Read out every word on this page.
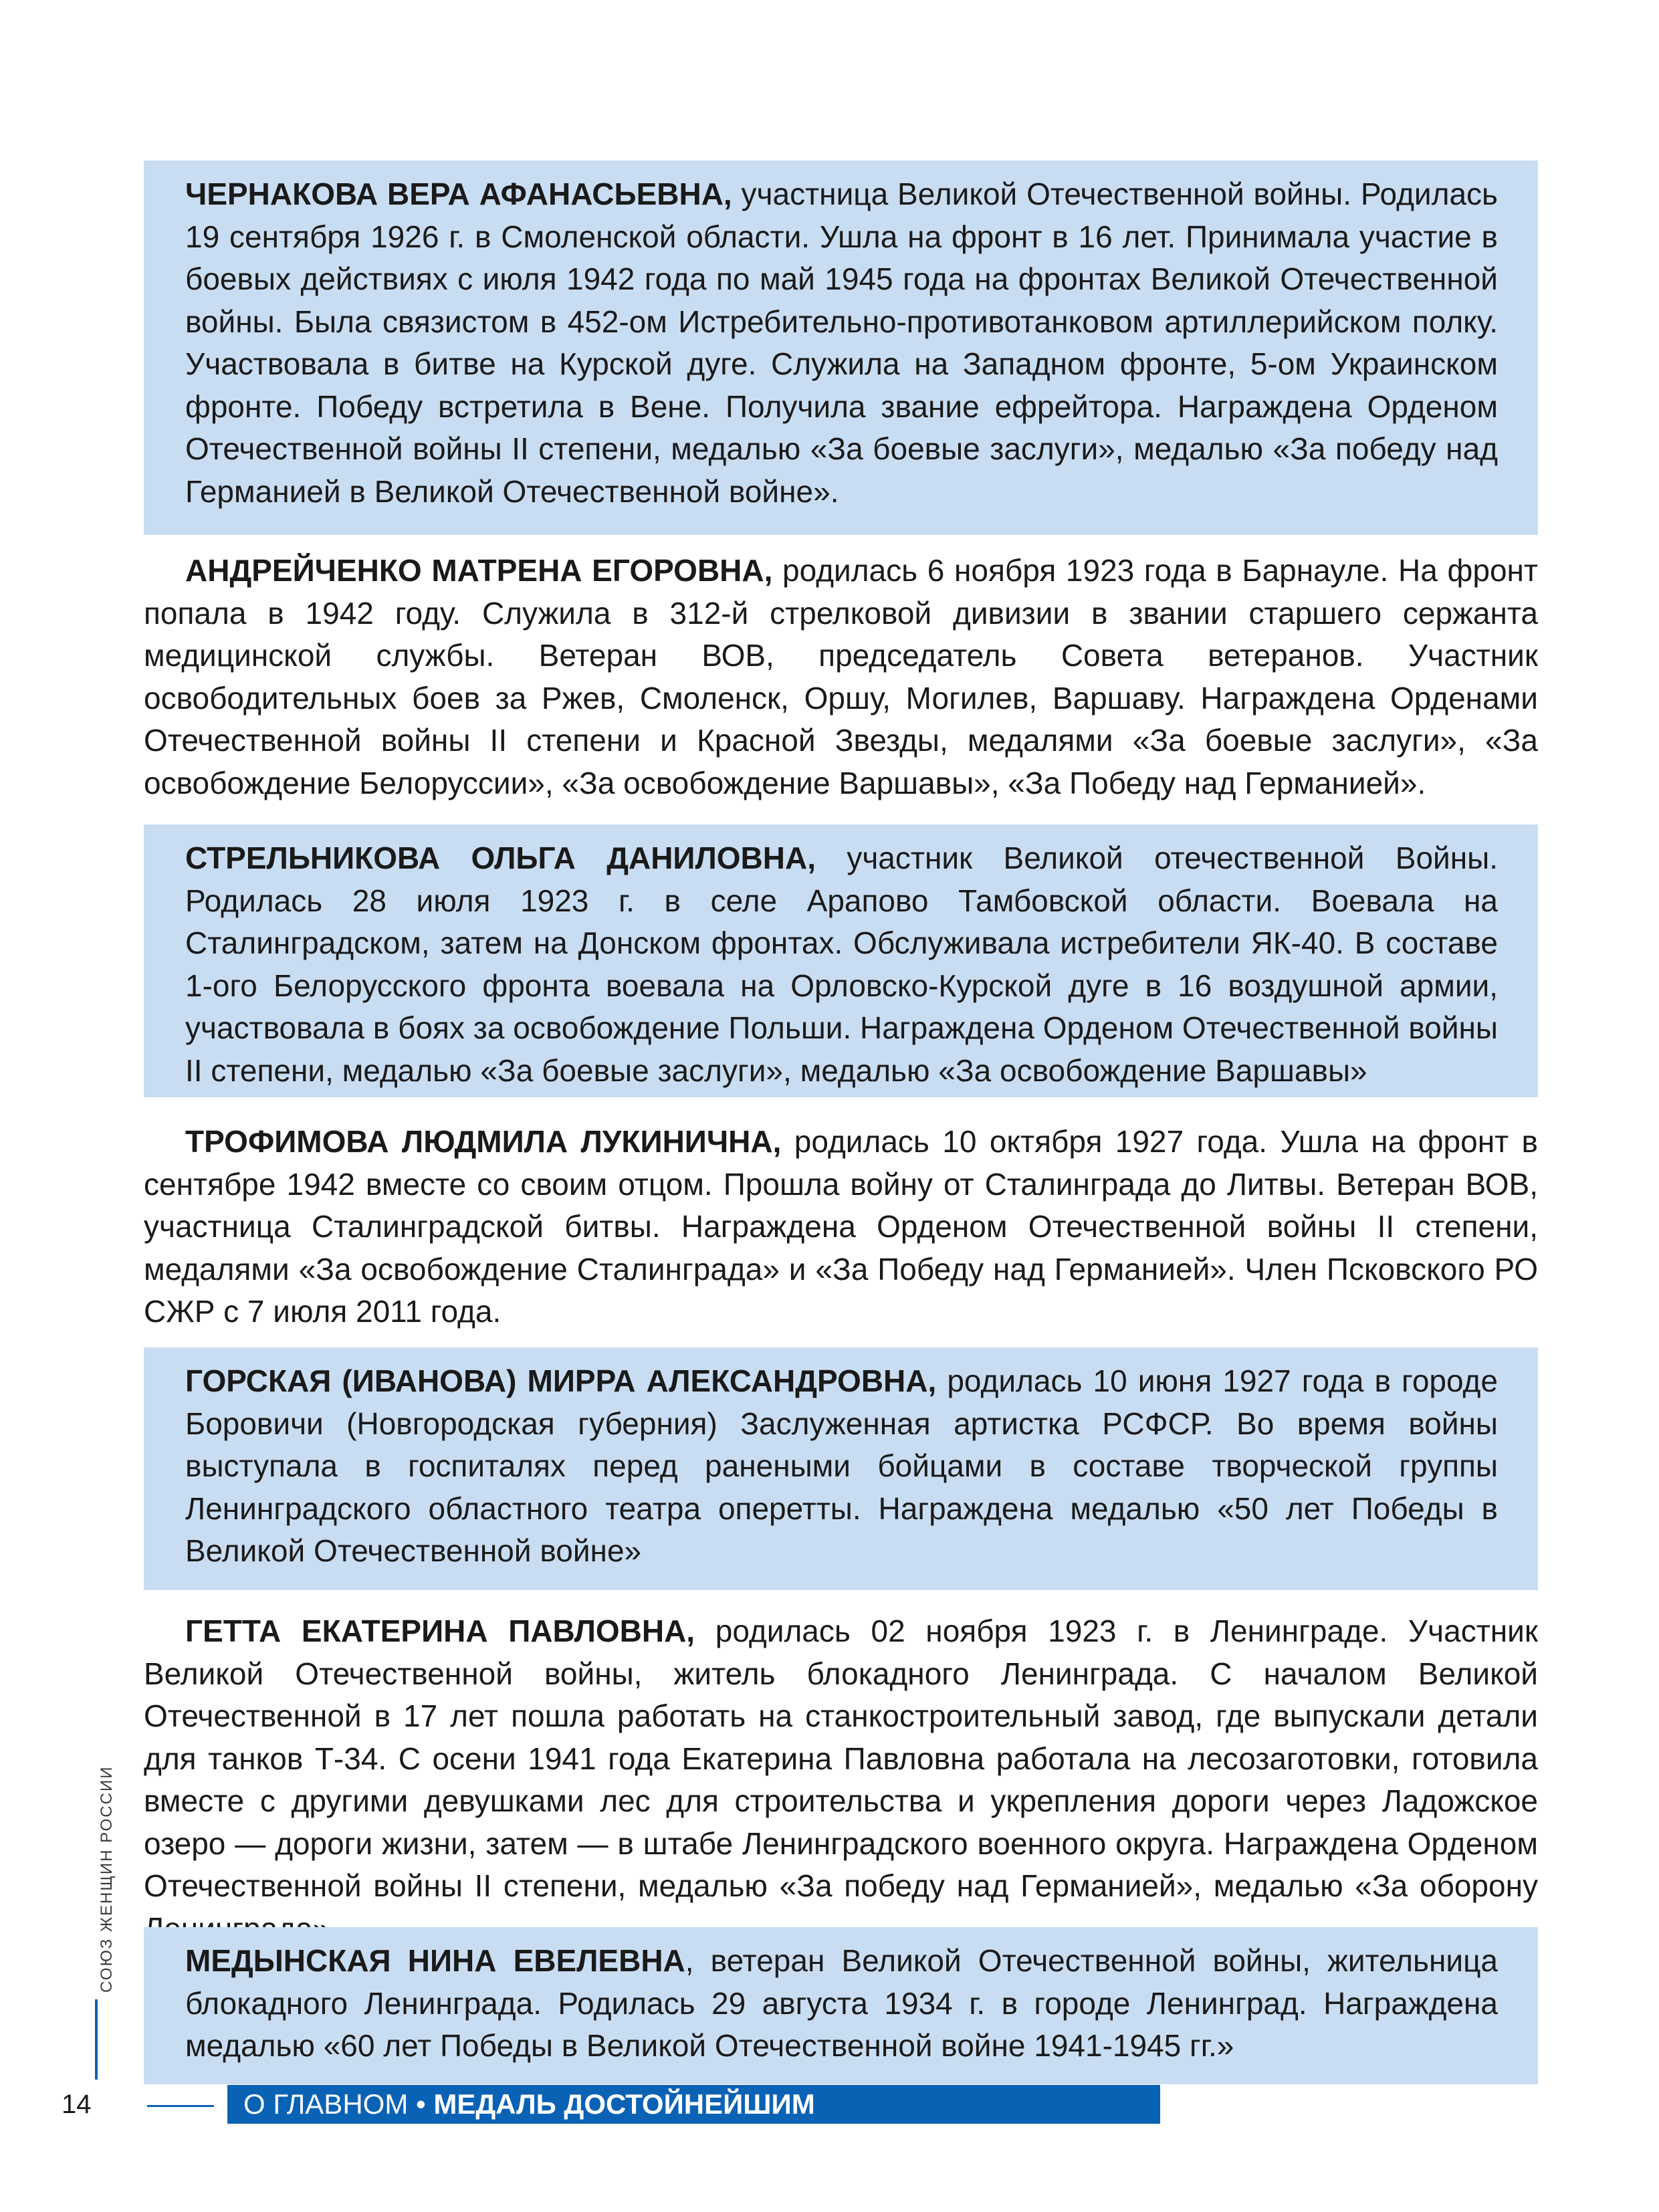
ЧЕРНАКОВА ВЕРА АФАНАСЬЕВНА, участница Великой Отечественной войны. Родилась 19 сентября 1926 г. в Смоленской области. Ушла на фронт в 16 лет. Принимала участие в боевых действиях с июля 1942 года по май 1945 года на фронтах Великой Отечественной войны. Была связистом в 452-ом Истребительно-противотанковом артиллерийском полку. Участвовала в битве на Курской дуге. Служила на Западном фронте, 5-ом Украинском фронте. Победу встретила в Вене. Получила звание ефрейтора. Награждена Орденом Отечественной войны II степени, медалью «За боевые заслуги», медалью «За победу над Германией в Великой Отечественной войне».

АНДРЕЙЧЕНКО МАТРЕНА ЕГОРОВНА, родилась 6 ноября 1923 года в Барнауле. На фронт попала в 1942 году. Служила в 312-й стрелковой дивизии в звании старшего сержанта медицинской службы. Ветеран ВОВ, председатель Совета ветеранов. Участник освободительных боев за Ржев, Смоленск, Оршу, Могилев, Варшаву. Награждена Орденами Отечественной войны II степени и Красной Звезды, медалями «За боевые заслуги», «За освобождение Белоруссии», «За освобождение Варшавы», «За Победу над Германией».

СТРЕЛЬНИКОВА ОЛЬГА ДАНИЛОВНА, участник Великой отечественной Войны. Родилась 28 июля 1923 г. в селе Арапово Тамбовской области. Воевала на Сталинградском, затем на Донском фронтах. Обслуживала истребители ЯК-40. В составе 1-ого Белорусского фронта воевала на Орловско-Курской дуге в 16 воздушной армии, участвовала в боях за освобождение Польши. Награждена Орденом Отечественной войны II степени, медалью «За боевые заслуги», медалью «За освобождение Варшавы»

ТРОФИМОВА ЛЮДМИЛА ЛУКИНИЧНА, родилась 10 октября 1927 года. Ушла на фронт в сентябре 1942 вместе со своим отцом. Прошла войну от Сталинграда до Литвы. Ветеран ВОВ, участница Сталинградской битвы. Награждена Орденом Отечественной войны II степени, медалями «За освобождение Сталинграда» и «За Победу над Германией». Член Псковского РО СЖР с 7 июля 2011 года.

ГОРСКАЯ (ИВАНОВА) МИРРА АЛЕКСАНДРОВНА, родилась 10 июня 1927 года в городе Боровичи (Новгородская губерния) Заслуженная артистка РСФСР. Во время войны выступала в госпиталях перед ранеными бойцами в составе творческой группы Ленинградского областного театра оперетты. Награждена медалью «50 лет Победы в Великой Отечественной войне»

ГЕТТА ЕКАТЕРИНА ПАВЛОВНА, родилась 02 ноября 1923 г. в Ленинграде. Участник Великой Отечественной войны, житель блокадного Ленинграда. С началом Великой Отечественной в 17 лет пошла работать на станкостроительный завод, где выпускали детали для танков Т-34. С осени 1941 года Екатерина Павловна работала на лесозаготовки, готовила вместе с другими девушками лес для строительства и укрепления дороги через Ладожское озеро — дороги жизни, затем — в штабе Ленинградского военного округа. Награждена Орденом Отечественной войны II степени, медалью «За победу над Германией», медалью «За оборону

МЕДЫНСКАЯ НИНА ЕВЕЛЕВНА, ветеран Великой Отечественной войны, жительница блокадного Ленинграда. Родилась 29 августа 1934 г. в городе Ленинград. Награждена медалью «60 лет Победы в Великой Отечественной войне 1941-1945 гг.»

СОЮЗ ЖЕНЩИН РОССИИ
14	О ГЛАВНОМ • МЕДАЛЬ ДОСТОЙНЕЙШИМ
